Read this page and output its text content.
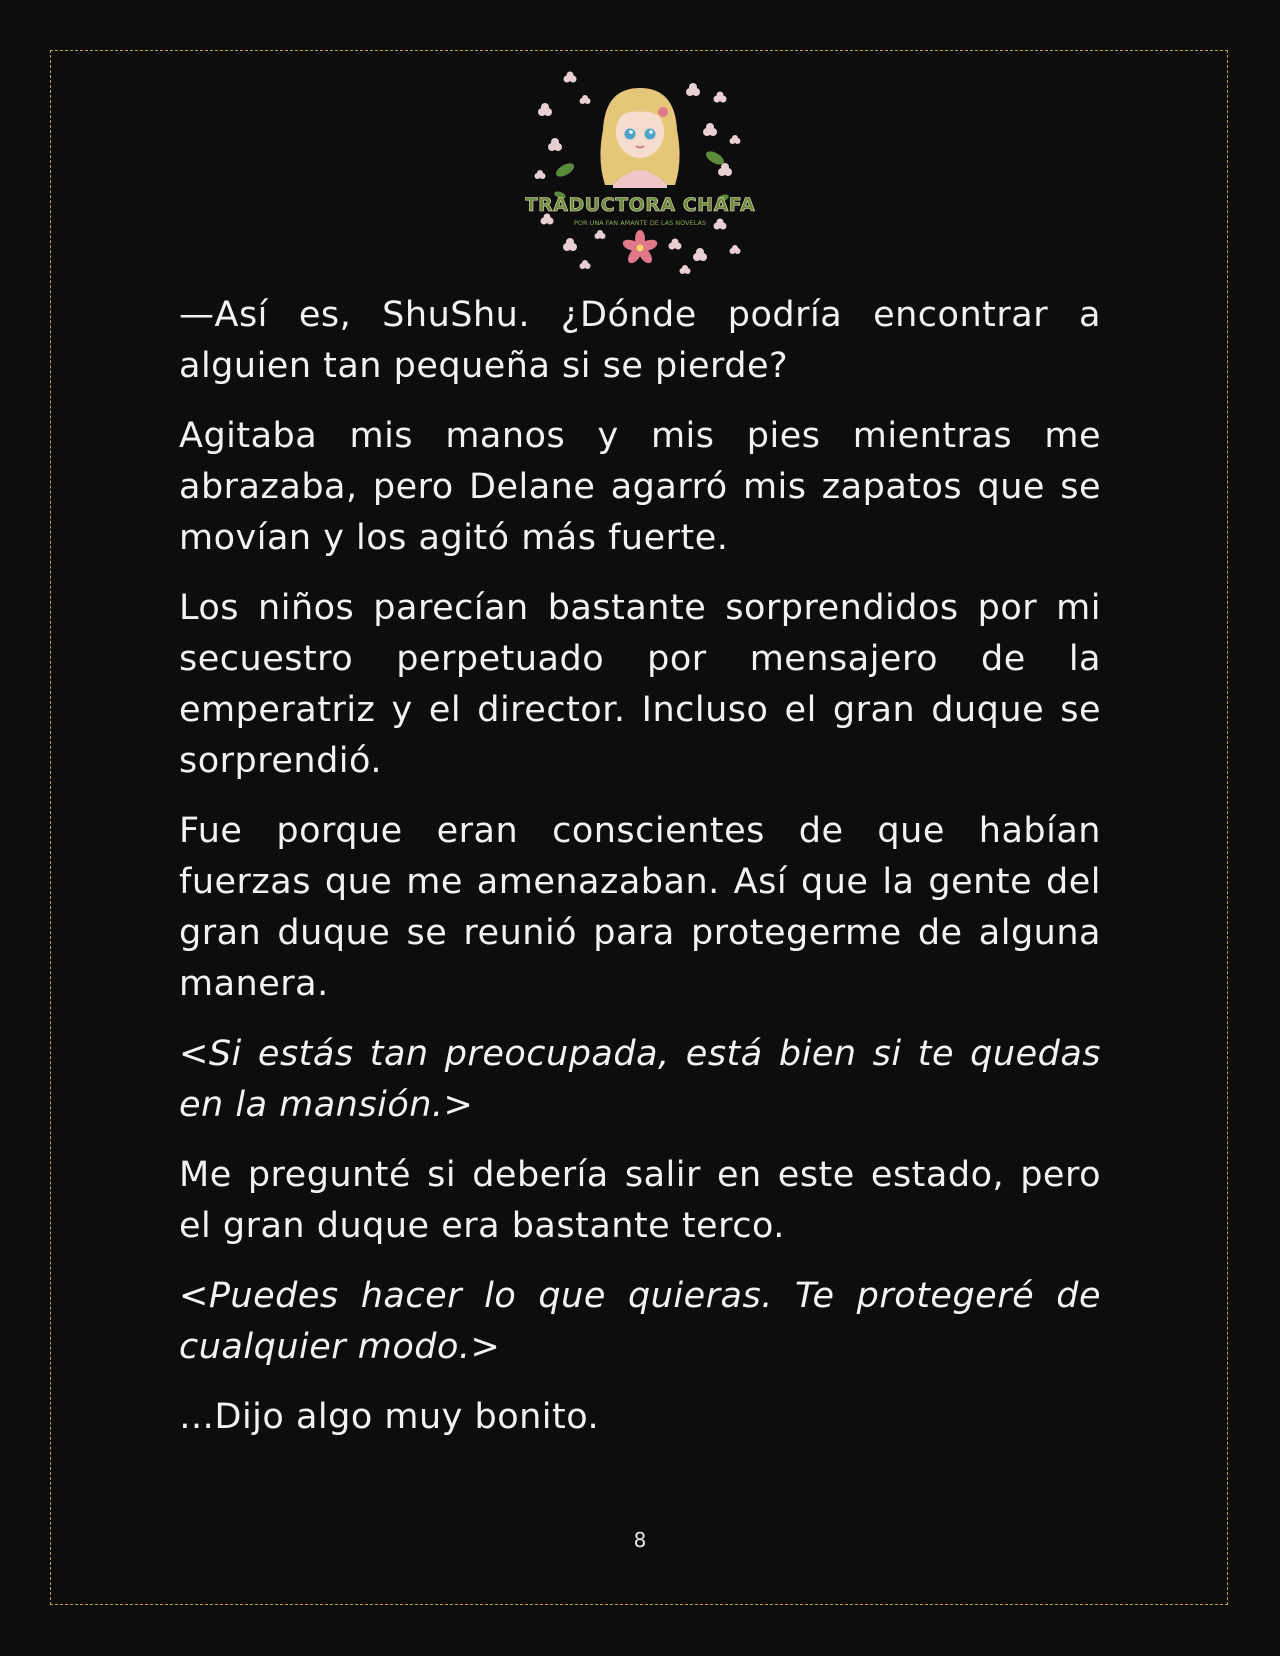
TRADUCTORA CHAFA
POR UNA FAN AMANTE DE LAS NOVELAS

—Así es, ShuShu. ¿Dónde podría encontrar a alguien tan pequeña si se pierde?

Agitaba mis manos y mis pies mientras me abrazaba, pero Delane agarró mis zapatos que se movían y los agitó más fuerte.

Los niños parecían bastante sorprendidos por mi secuestro perpetuado por mensajero de la emperatriz y el director. Incluso el gran duque se sorprendió.

Fue porque eran conscientes de que habían fuerzas que me amenazaban. Así que la gente del gran duque se reunió para protegerme de alguna manera.

<Si estás tan preocupada, está bien si te quedas en la mansión.>

Me pregunté si debería salir en este estado, pero el gran duque era bastante terco.

<Puedes hacer lo que quieras. Te protegeré de cualquier modo.>

…Dijo algo muy bonito.

8
